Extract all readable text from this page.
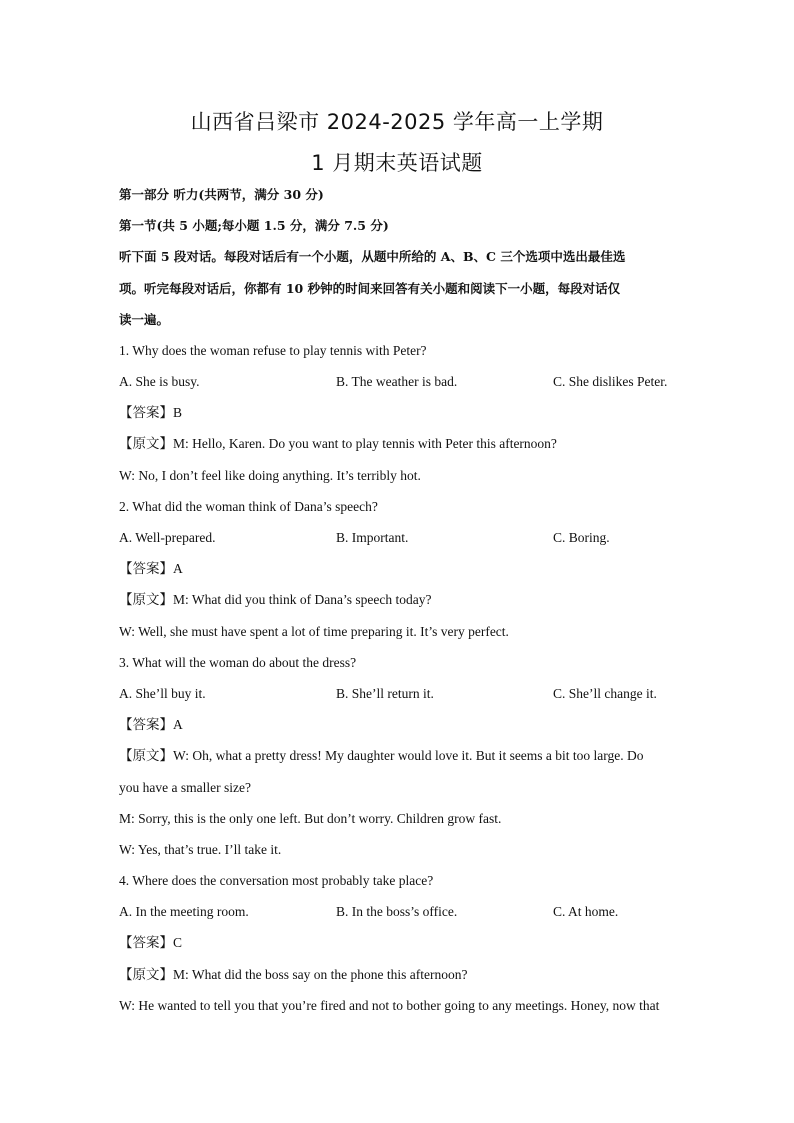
山西省吕梁市 2024-2025 学年高一上学期
1 月期末英语试题
第一部分 听力(共两节，满分 30 分)
第一节(共 5 小题;每小题 1.5 分，满分 7.5 分)
听下面 5 段对话。每段对话后有一个小题，从题中所给的 A、B、C 三个选项中选出最佳选
项。听完每段对话后，你都有 10 秒钟的时间来回答有关小题和阅读下一小题，每段对话仅
读一遍。
1. Why does the woman refuse to play tennis with Peter?
A. She is busy.	B. The weather is bad.	C. She dislikes Peter.
【答案】B
【原文】M: Hello, Karen. Do you want to play tennis with Peter this afternoon?
W: No, I don’t feel like doing anything. It’s terribly hot.
2. What did the woman think of Dana’s speech?
A. Well-prepared.	B. Important.	C. Boring.
【答案】A
【原文】M: What did you think of Dana’s speech today?
W: Well, she must have spent a lot of time preparing it. It’s very perfect.
3. What will the woman do about the dress?
A. She’ll buy it.	B. She’ll return it.	C. She’ll change it.
【答案】A
【原文】W: Oh, what a pretty dress! My daughter would love it. But it seems a bit too large. Do
you have a smaller size?
M: Sorry, this is the only one left. But don’t worry. Children grow fast.
W: Yes, that’s true. I’ll take it.
4. Where does the conversation most probably take place?
A. In the meeting room.	B. In the boss’s office.	C. At home.
【答案】C
【原文】M: What did the boss say on the phone this afternoon?
W: He wanted to tell you that you’re fired and not to bother going to any meetings. Honey, now that
